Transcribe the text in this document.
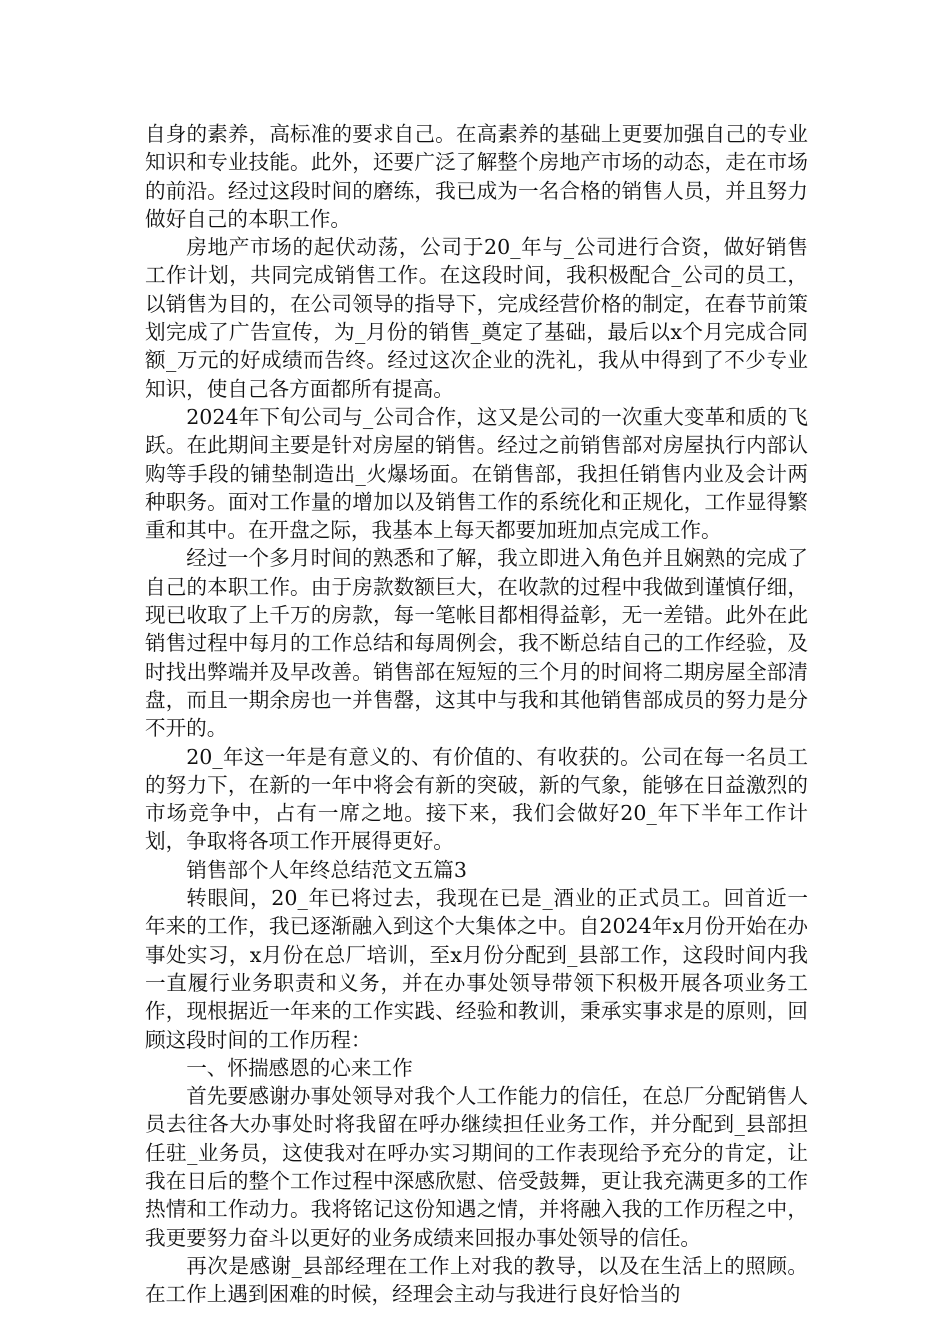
自身的素养，高标准的要求自己。在高素养的基础上更要加强自己的专业知识和专业技能。此外，还要广泛了解整个房地产市场的动态，走在市场的前沿。经过这段时间的磨练，我已成为一名合格的销售人员，并且努力做好自己的本职工作。

房地产市场的起伏动荡，公司于20_年与_公司进行合资，做好销售工作计划，共同完成销售工作。在这段时间，我积极配合_公司的员工，以销售为目的，在公司领导的指导下，完成经营价格的制定，在春节前策划完成了广告宣传，为_月份的销售_奠定了基础，最后以x个月完成合同额_万元的好成绩而告终。经过这次企业的洗礼，我从中得到了不少专业知识，使自己各方面都所有提高。

2024年下旬公司与_公司合作，这又是公司的一次重大变革和质的飞跃。在此期间主要是针对房屋的销售。经过之前销售部对房屋执行内部认购等手段的铺垫制造出_火爆场面。在销售部，我担任销售内业及会计两种职务。面对工作量的增加以及销售工作的系统化和正规化，工作显得繁重和其中。在开盘之际，我基本上每天都要加班加点完成工作。

经过一个多月时间的熟悉和了解，我立即进入角色并且娴熟的完成了自己的本职工作。由于房款数额巨大，在收款的过程中我做到谨慎仔细，现已收取了上千万的房款，每一笔帐目都相得益彰，无一差错。此外在此销售过程中每月的工作总结和每周例会，我不断总结自己的工作经验，及时找出弊端并及早改善。销售部在短短的三个月的时间将二期房屋全部清盘，而且一期余房也一并售罄，这其中与我和其他销售部成员的努力是分不开的。

20_年这一年是有意义的、有价值的、有收获的。公司在每一名员工的努力下，在新的一年中将会有新的突破，新的气象，能够在日益激烈的市场竞争中，占有一席之地。接下来，我们会做好20_年下半年工作计划，争取将各项工作开展得更好。

销售部个人年终总结范文五篇3

转眼间，20_年已将过去，我现在已是_酒业的正式员工。回首近一年来的工作，我已逐渐融入到这个大集体之中。自2024年x月份开始在办事处实习，x月份在总厂培训，至x月份分配到_县部工作，这段时间内我一直履行业务职责和义务，并在办事处领导带领下积极开展各项业务工作，现根据近一年来的工作实践、经验和教训，秉承实事求是的原则，回顾这段时间的工作历程：

一、怀揣感恩的心来工作

首先要感谢办事处领导对我个人工作能力的信任，在总厂分配销售人员去往各大办事处时将我留在呼办继续担任业务工作，并分配到_县部担任驻_业务员，这使我对在呼办实习期间的工作表现给予充分的肯定，让我在日后的整个工作过程中深感欣慰、倍受鼓舞，更让我充满更多的工作热情和工作动力。我将铭记这份知遇之情，并将融入我的工作历程之中，我更要努力奋斗以更好的业务成绩来回报办事处领导的信任。

再次是感谢_县部经理在工作上对我的教导，以及在生活上的照顾。在工作上遇到困难的时候，经理会主动与我进行良好恰当的
